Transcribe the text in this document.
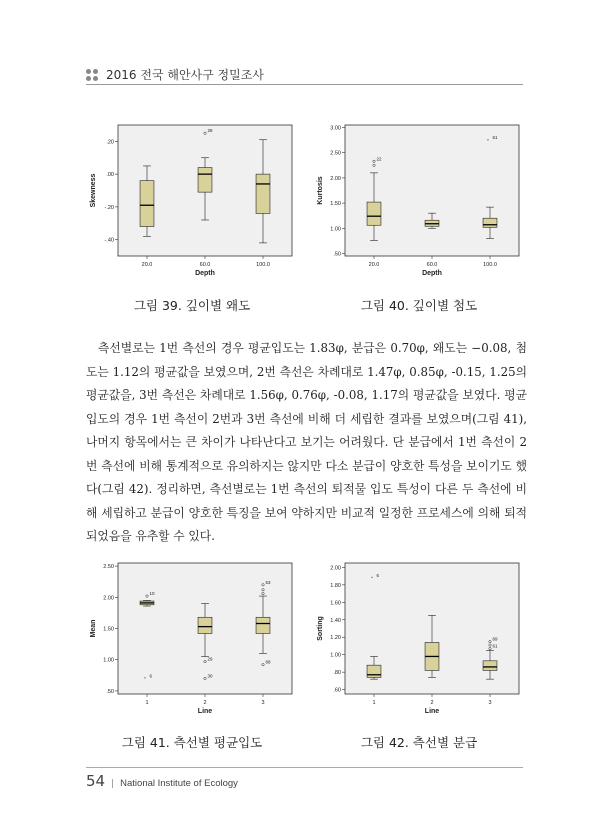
2016 전국 해안사구 정밀조사
-.40
-.20
.00
.20
20.0	60.0
28
100.0
Depth
Skewness
그림 39. 깊이별 왜도
.50
1.00
1.50
2.00
2.50
3.00
20.0
22
60.0	100.0
*
61
Depth
Kurtosis
그림 40. 깊이별 첨도
측선별로는 1번 측선의 경우 평균입도는 1.83φ, 분급은 0.70φ, 왜도는 −0.08, 첨도는 1.12의 평균값을 보였으며, 2번 측선은 차례대로 1.47φ, 0.85φ, -0.15, 1.25의 평균값을, 3번 측선은 차례대로 1.56φ, 0.76φ, -0.08, 1.17의 평균값을 보였다. 평균입도의 경우 1번 측선이 2번과 3번 측선에 비해 더 세립한 결과를 보였으며(그림 41), 나머지 항목에서는 큰 차이가 나타난다고 보기는 어려웠다. 단 분급에서 1번 측선이 2번 측선에 비해 통계적으로 유의하지는 않지만 다소 분급이 양호한 특성을 보이기도 했다(그림 42). 정리하면, 측선별로는 1번 측선의 퇴적물 입도 특성이 다른 두 측선에 비해 세립하고 분급이 양호한 특징을 보여 약하지만 비교적 일정한 프로세스에 의해 퇴적되었음을 유추할 수 있다.
.50
1.00
1.50
2.00
2.50
1
10
*
6
2
29
30
3
53
68
Line
Mean
그림 41. 측선별 평균입도
.60
.80
1.00
1.20
1.40
1.60
1.80
2.00
1
*
6
2	3
69
61
Line
Sorting
그림 42. 측선별 분급
54 | National Institute of Ecology
